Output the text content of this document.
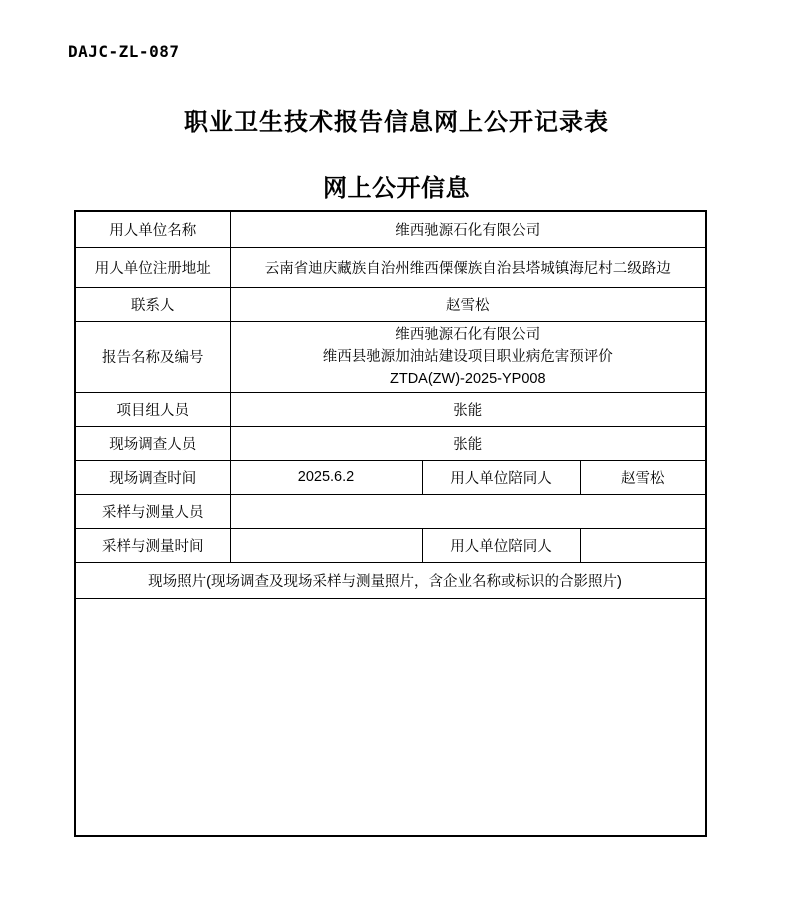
DAJC-ZL-087
职业卫生技术报告信息网上公开记录表
网上公开信息
用人单位名称	维西驰源石化有限公司		
用人单位注册地址	云南省迪庆藏族自治州维西傈僳族自治县塔城镇海尼村二级路边		
联系人	赵雪松		
报告名称及编号	维西驰源石化有限公司
维西县驰源加油站建设项目职业病危害预评价
ZTDA(ZW)-2025-YP008		

项目组人员	张能		
现场调查人员	张能		
现场调查时间	2025.6.2	用人单位陪同人	赵雪松
采样与测量人员			
采样与测量时间		用人单位陪同人	
现场照片(现场调查及现场采样与测量照片，含企业名称或标识的合影照片)			
